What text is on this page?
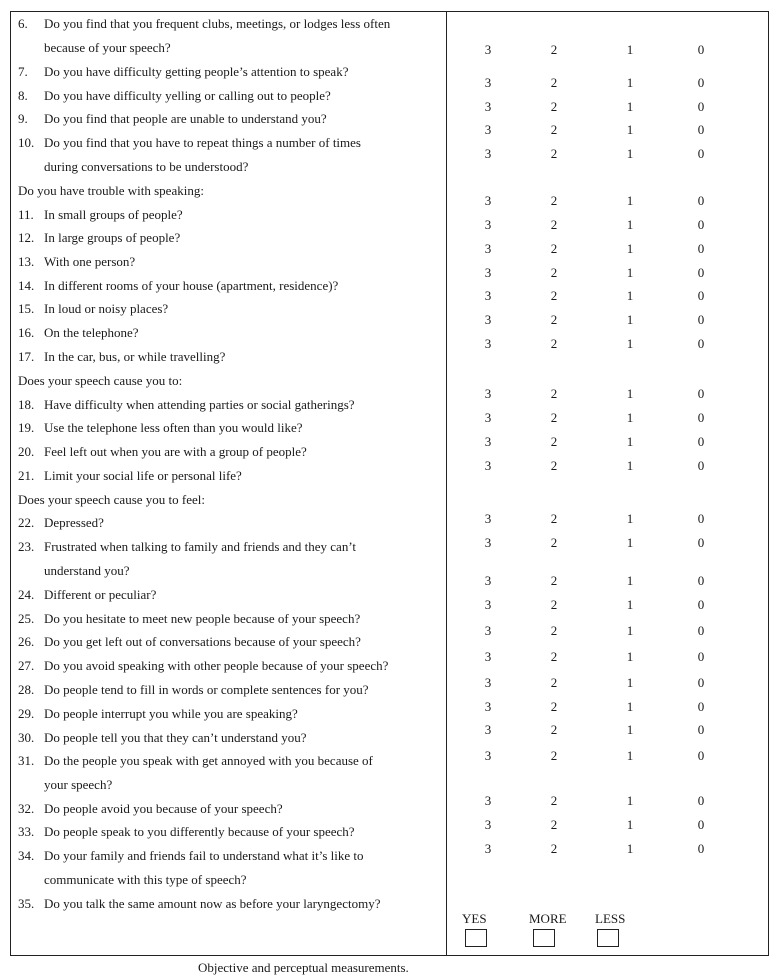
6. Do you find that you frequent clubs, meetings, or lodges less often
because of your speech?	3	2	1	0
7. Do you have difficulty getting people’s attention to speak?
3	2	1	0
8. Do you have difficulty yelling or calling out to people?
3	2	1	0
9. Do you find that people are unable to understand you?
3	2	1	0
10. Do you find that you have to repeat things a number of times
during conversations to be understood?
3	2	1	0
Do you have trouble with speaking:
11. In small groups of people?
3	2	1	0
12. In large groups of people?
3	2	1	0
13. With one person?
3	2	1	0
14. In different rooms of your house (apartment, residence)?
3	2	1	0
15. In loud or noisy places?
3	2	1	0
16. On the telephone?
3	2	1	0
17. In the car, bus, or while travelling?
3	2	1	0
Does your speech cause you to:
18. Have difficulty when attending parties or social gatherings?
3	2	1	0
19. Use the telephone less often than you would like?
3	2	1	0
20. Feel left out when you are with a group of people?
3	2	1	0
21. Limit your social life or personal life?
3	2	1	0
Does your speech cause you to feel:
22. Depressed?	3	2	1	0
23. Frustrated when talking to family and friends and they can’t
understand you?
3	2	1	0
24. Different or peculiar?
3	2	1	0
25. Do you hesitate to meet new people because of your speech?
3	2	1	0
26. Do you get left out of conversations because of your speech?
3	2	1	0
27. Do you avoid speaking with other people because of your speech?
3	2	1	0
28. Do people tend to fill in words or complete sentences for you?	3	2	1	0
29. Do people interrupt you while you are speaking?	3	2	1	0
30. Do people tell you that they can’t understand you?
3	2	1	0
31. Do the people you speak with get annoyed with you because of
your speech?
3	2	1	0
32. Do people avoid you because of your speech?
3	2	1	0
33. Do people speak to you differently because of your speech?	3	2	1	0
34. Do your family and friends fail to understand what it’s like to
communicate with this type of speech?
3	2	1	0
35. Do you talk the same amount now as before your laryngectomy?
YES	MORE LESS
Objective and perceptual measurements.
